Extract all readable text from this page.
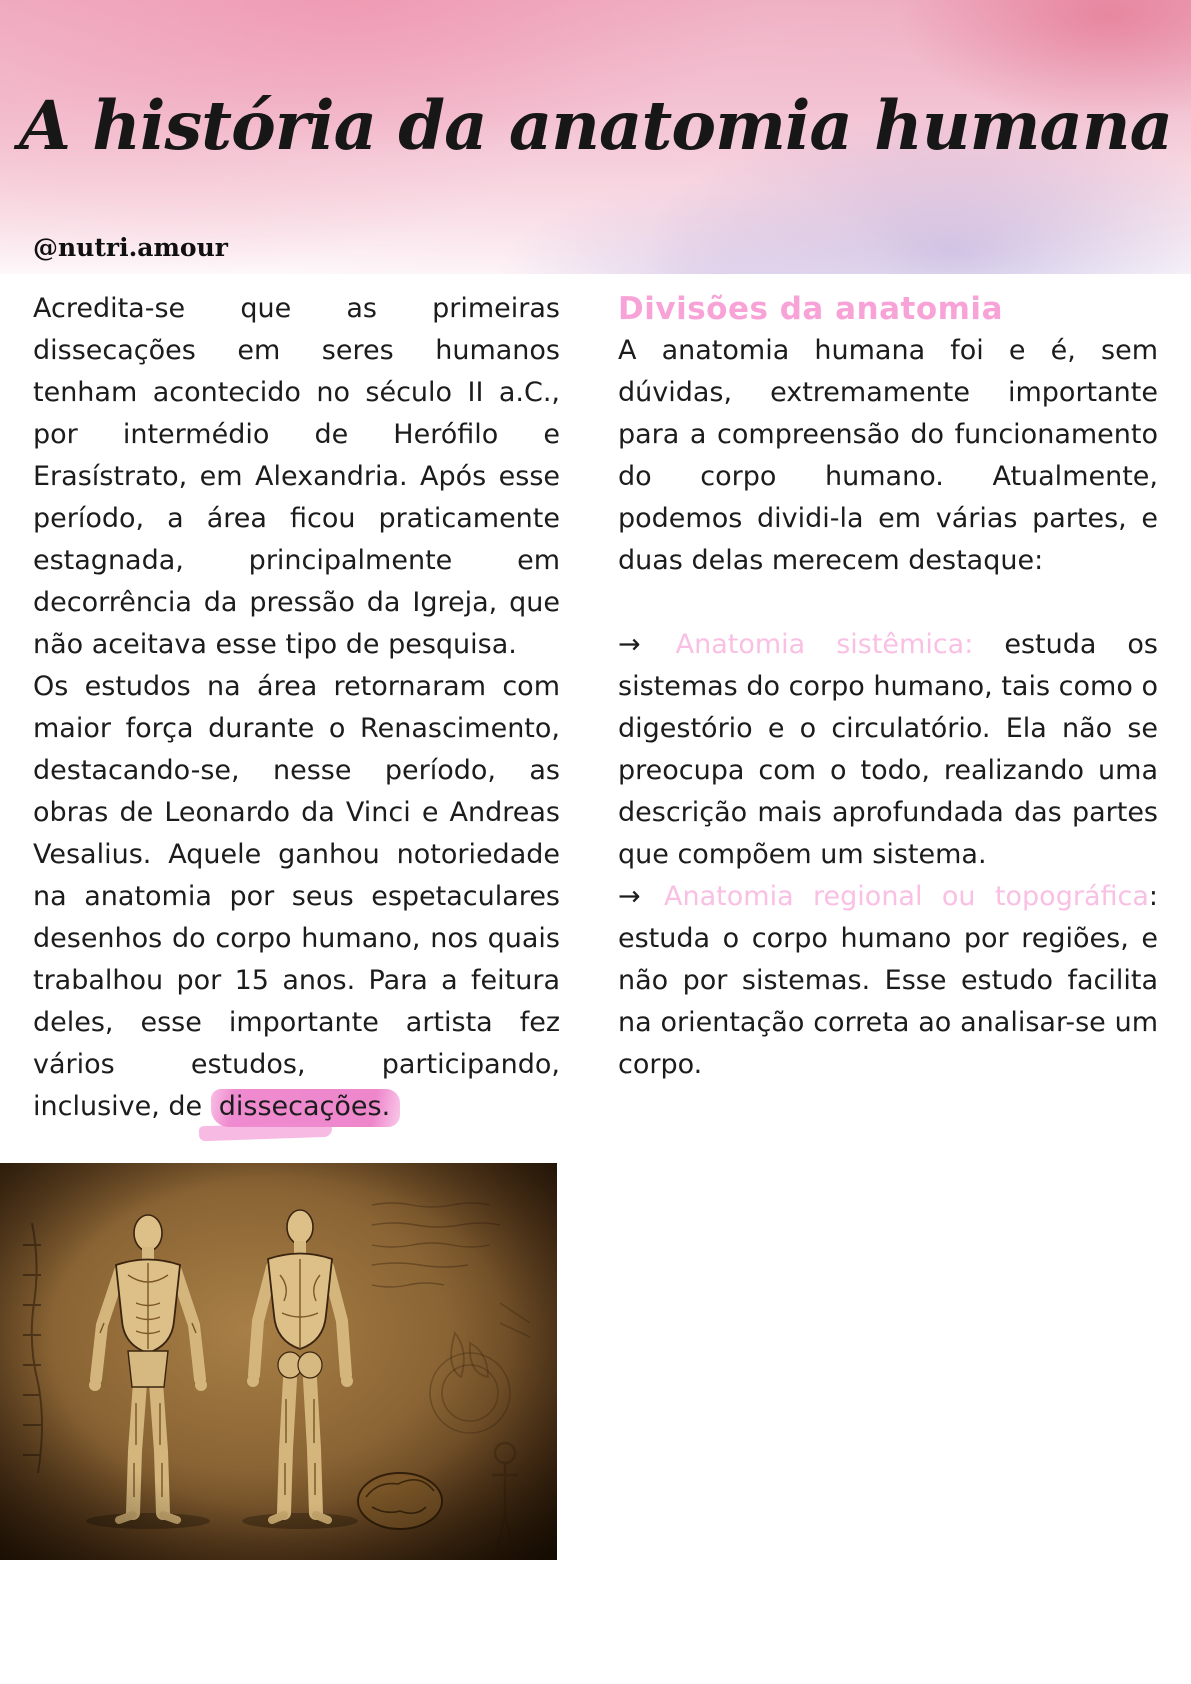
A história da anatomia humana
@nutri.amour

Acredita-se que as primeiras dissecações em seres humanos tenham acontecido no século II a.C., por intermédio de Herófilo e Erasístrato, em Alexandria. Após esse período, a área ficou praticamente estagnada, principalmente em decorrência da pressão da Igreja, que não aceitava esse tipo de pesquisa.

Os estudos na área retornaram com maior força durante o Renascimento, destacando-se, nesse período, as obras de Leonardo da Vinci e Andreas Vesalius. Aquele ganhou notoriedade na anatomia por seus espetaculares desenhos do corpo humano, nos quais trabalhou por 15 anos. Para a feitura deles, esse importante artista fez vários estudos, participando, inclusive, de dissecações.

Divisões da anatomia

A anatomia humana foi e é, sem dúvidas, extremamente importante para a compreensão do funcionamento do corpo humano. Atualmente, podemos dividi-la em várias partes, e duas delas merecem destaque:

→ Anatomia sistêmica: estuda os sistemas do corpo humano, tais como o digestório e o circulatório. Ela não se preocupa com o todo, realizando uma descrição mais aprofundada das partes que compõem um sistema.

→ Anatomia regional ou topográfica: estuda o corpo humano por regiões, e não por sistemas. Esse estudo facilita na orientação correta ao analisar-se um corpo.
